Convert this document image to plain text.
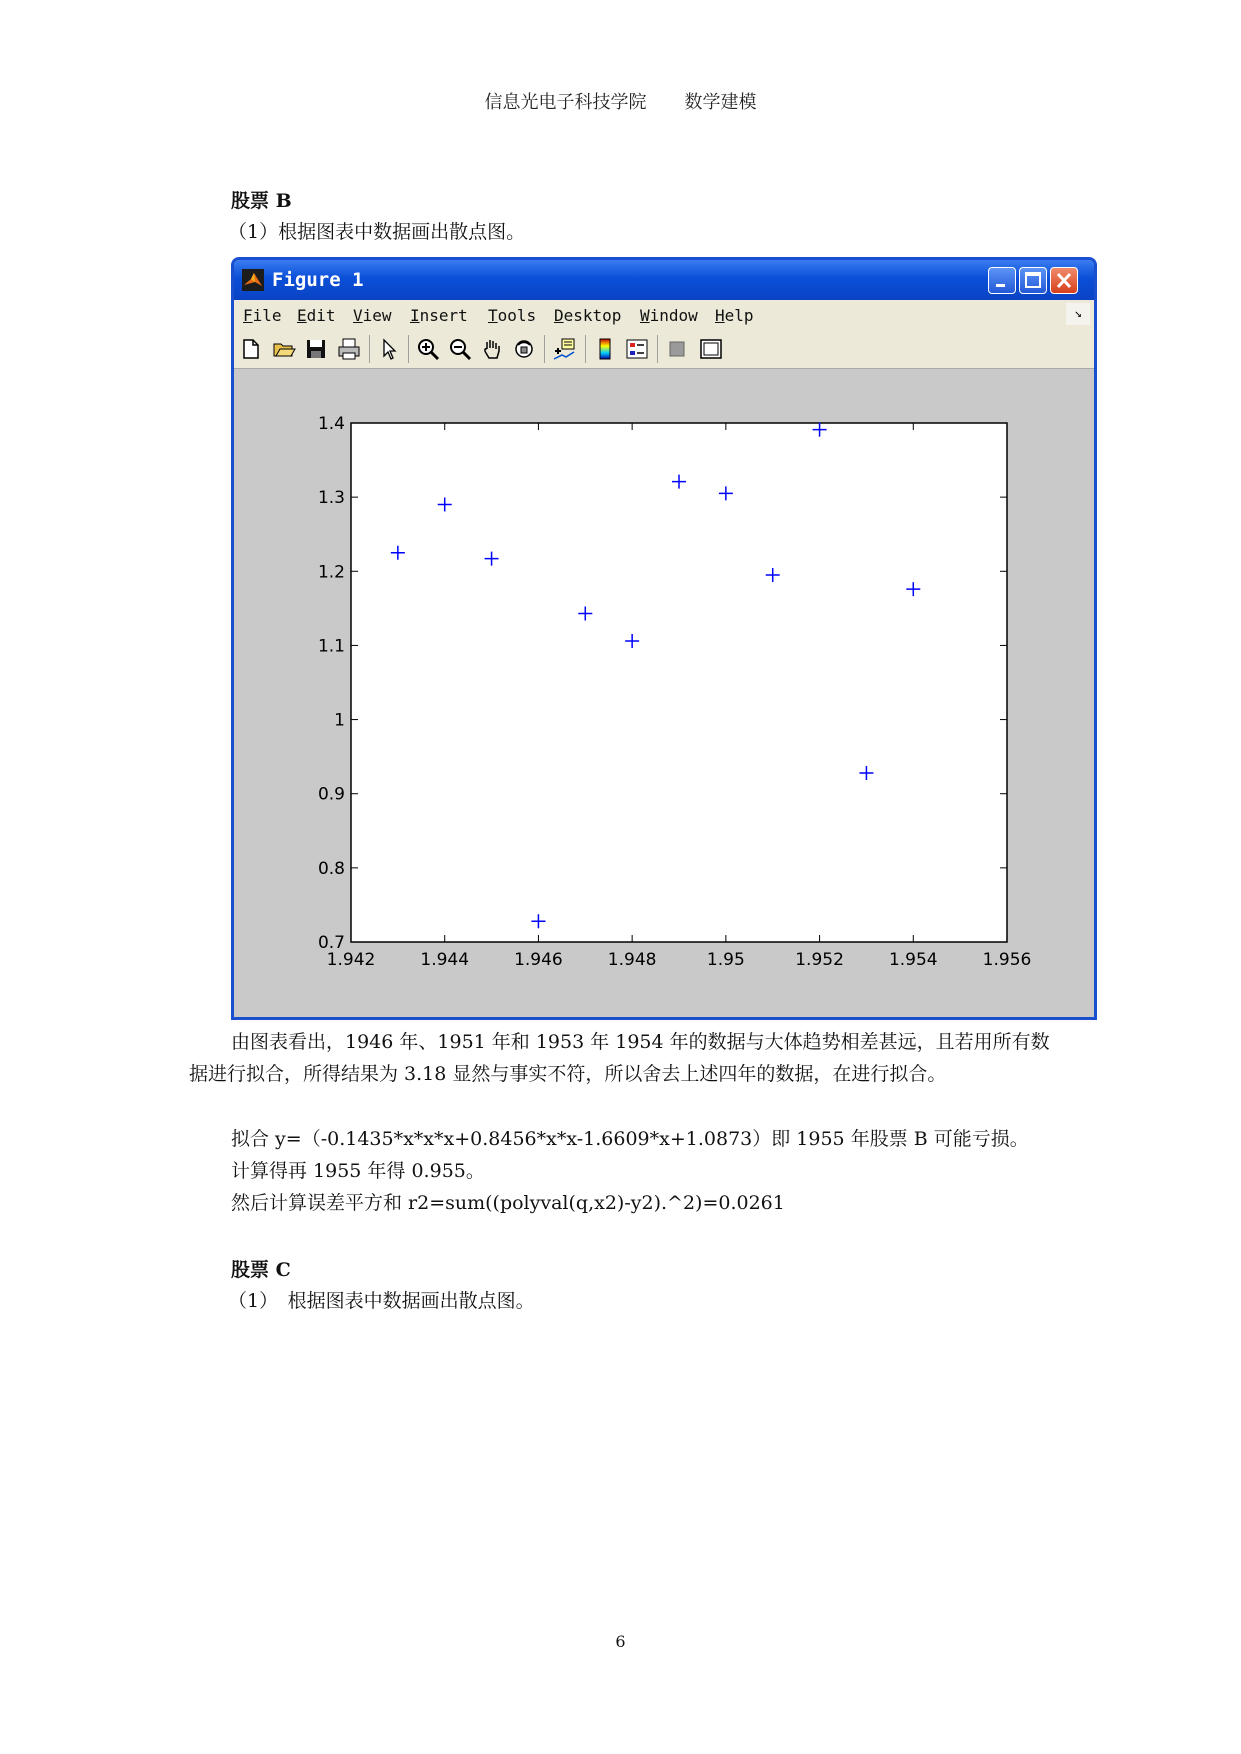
信息光电子科技学院 数学建模
股票 B
（1）根据图表中数据画出散点图。
Figure 1
File Edit View Insert Tools Desktop Window Help	↘
1.942	1.944	1.946	1.948	1.95	1.952	1.954	1.956
0.7
0.8
0.9
1
1.1
1.2
1.3
1.4
由图表看出，1946 年、1951 年和 1953 年 1954 年的数据与大体趋势相差甚远，且若用所有数据进行拟合，所得结果为 3.18 显然与事实不符，所以舍去上述四年的数据，在进行拟合。
拟合 y=（-0.1435*x*x*x+0.8456*x*x-1.6609*x+1.0873）即 1955 年股票 B 可能亏损。
计算得再 1955 年得 0.955。
然后计算误差平方和 r2=sum((polyval(q,x2)-y2).^2)=0.0261
股票 C
（1）　根据图表中数据画出散点图。
6
